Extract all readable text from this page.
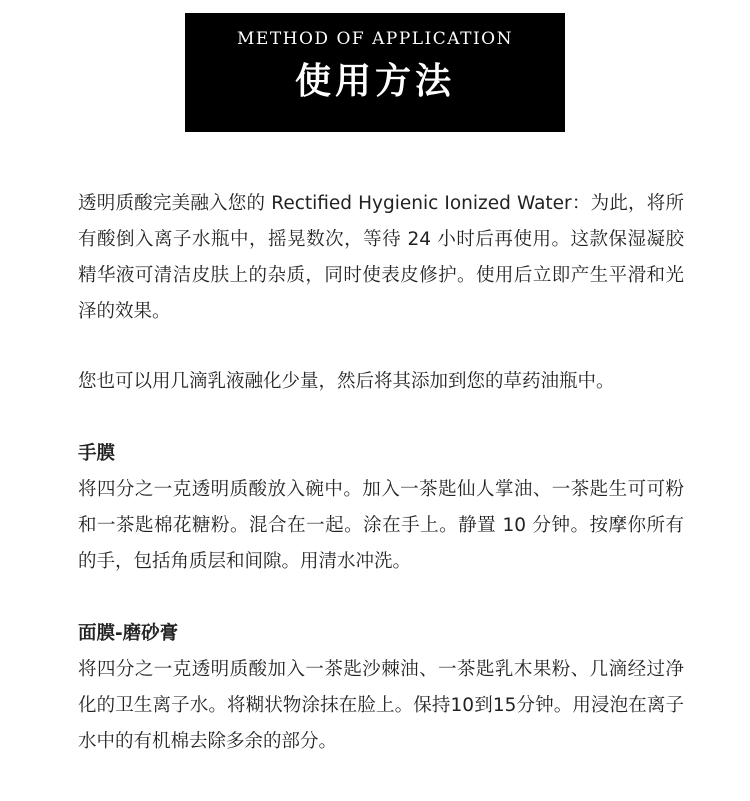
METHOD OF APPLICATION
使用方法

透明质酸完美融入您的 Rectified Hygienic Ionized Water：为此，将所有酸倒入离子水瓶中，摇晃数次，等待 24 小时后再使用。这款保湿凝胶精华液可清洁皮肤上的杂质，同时使表皮修护。使用后立即产生平滑和光泽的效果。

您也可以用几滴乳液融化少量，然后将其添加到您的草药油瓶中。

手膜

将四分之一克透明质酸放入碗中。加入一茶匙仙人掌油、一茶匙生可可粉和一茶匙棉花糖粉。混合在一起。涂在手上。静置 10 分钟。按摩你所有的手，包括角质层和间隙。用清水冲洗。

面膜-磨砂膏

将四分之一克透明质酸加入一茶匙沙棘油、一茶匙乳木果粉、几滴经过净化的卫生离子水。将糊状物涂抹在脸上。保持10到15分钟。用浸泡在离子水中的有机棉去除多余的部分。
